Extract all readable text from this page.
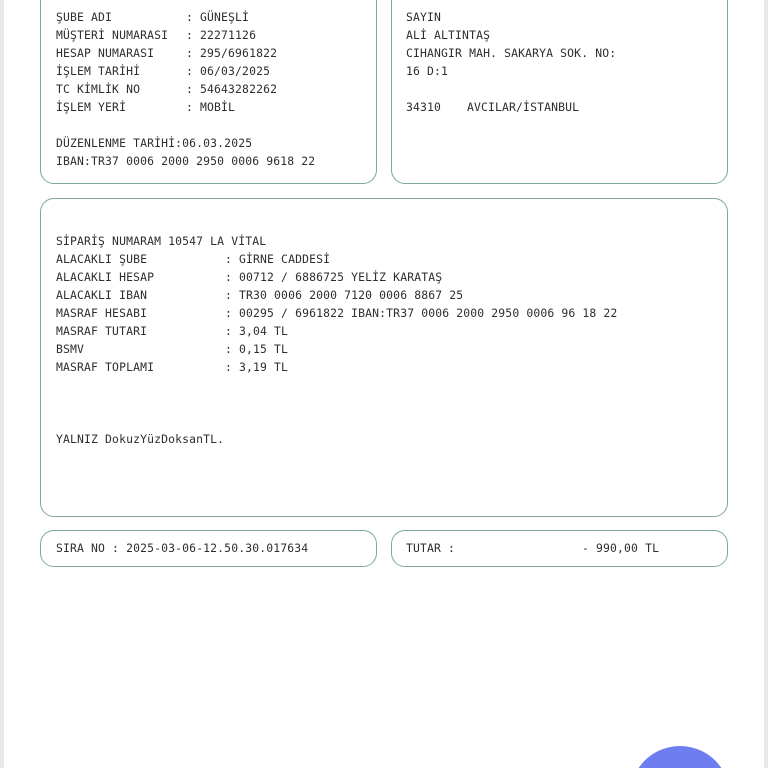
ŞUBE ADI	: GÜNEŞLİ
MÜŞTERİ NUMARASI : 22271126
HESAP NUMARASI	: 295/6961822
İŞLEM TARİHİ	: 06/03/2025
TC KİMLİK NO	: 54643282262
İŞLEM YERİ	: MOBİL
DÜZENLENME TARİHİ:06.03.2025
IBAN:TR37 0006 2000 2950 0006 9618 22
SAYIN
ALİ ALTINTAŞ
CIHANGIR MAH. SAKARYA SOK. NO:
16 D:1
34310 AVCILAR/İSTANBUL
SİPARİŞ NUMARAM 10547 LA VİTAL
ALACAKLI ŞUBE	: GİRNE CADDESİ
ALACAKLI HESAP	: 00712 / 6886725 YELİZ KARATAŞ
ALACAKLI IBAN	: TR30 0006 2000 7120 0006 8867 25
MASRAF HESABI	: 00295 / 6961822 IBAN:TR37 0006 2000 2950 0006 96 18 22
MASRAF TUTARI	: 3,04 TL
BSMV	: 0,15 TL
MASRAF TOPLAMI	: 3,19 TL
YALNIZ DokuzYüzDoksanTL.
SIRA NO : 2025-03-06-12.50.30.017634	TUTAR :	- 990,00 TL
